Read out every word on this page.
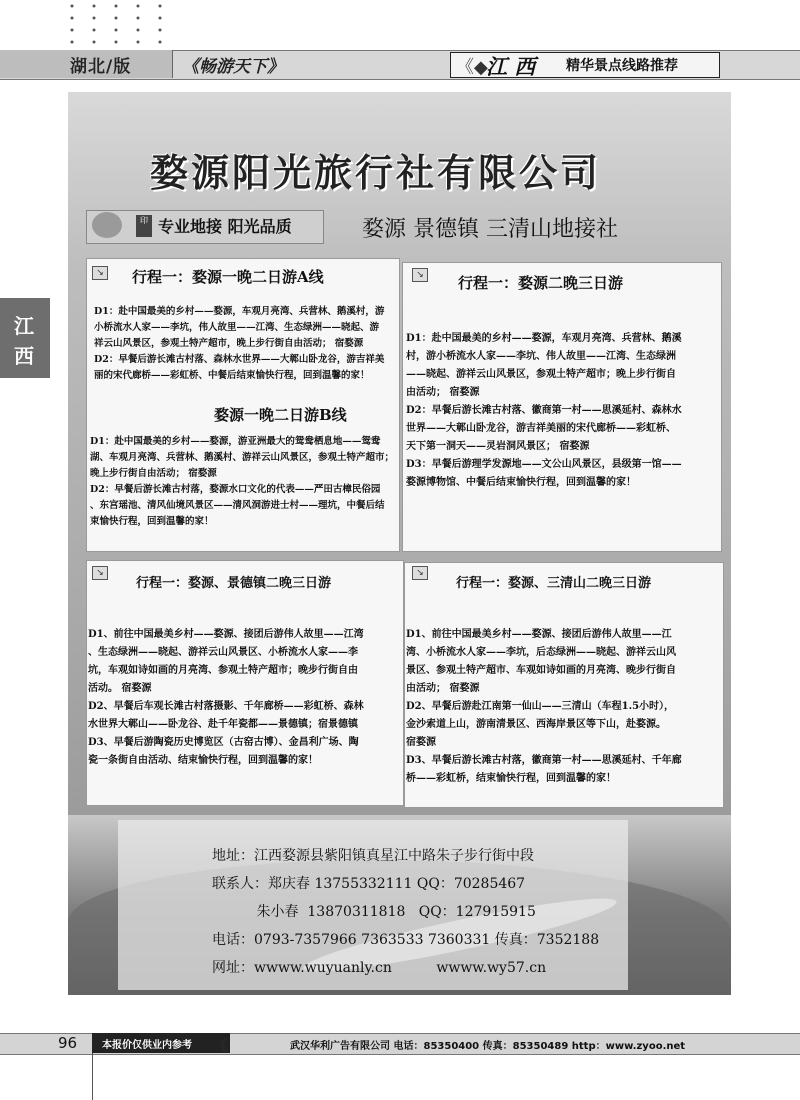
湖北/版	《畅游天下》	《◆
江 西 精华景点线路推荐
江
西
婺源阳光旅行社有限公司
印 专业地接 阳光品质	婺源 景德镇 三清山地接社
↘ 行程一：婺源一晚二日游A线
D1：赴中国最美的乡村——婺源，车观月亮湾、兵营林、鹅溪村，游
小桥流水人家——李坑，伟人故里——江湾、生态绿洲——晓起、游
祥云山风景区，参观土特产超市，晚上步行街自由活动； 宿婺源
D2：早餐后游长滩古村落、森林水世界——大鄣山卧龙谷，游吉祥美
丽的宋代廊桥——彩虹桥、中餐后结束愉快行程，回到温馨的家！
婺源一晚二日游B线
D1：赴中国最美的乡村——婺源，游亚洲最大的鸳鸯栖息地——鸳鸯
湖、车观月亮湾、兵营林、鹅溪村、游祥云山风景区，参观土特产超市；
晚上步行街自由活动； 宿婺源
D2：早餐后游长滩古村落，婺源水口文化的代表——严田古樟民俗园
、东宫瑶池、清风仙境风景区——清风洞游进士村——理坑，中餐后结
束愉快行程，回到温馨的家！
↘ 行程一：婺源二晚三日游
D1：赴中国最美的乡村——婺源，车观月亮湾、兵营林、鹅溪
村，游小桥流水人家——李坑、伟人故里——江湾、生态绿洲
——晓起、游祥云山风景区，参观土特产超市；晚上步行街自
由活动； 宿婺源
D2：早餐后游长滩古村落、徽商第一村——思溪延村、森林水
世界——大鄣山卧龙谷，游吉祥美丽的宋代廊桥——彩虹桥、
天下第一洞天——灵岩洞风景区； 宿婺源
D3：早餐后游理学发源地——文公山风景区，县级第一馆——
婺源博物馆、中餐后结束愉快行程，回到温馨的家！
↘
行程一：婺源、景德镇二晚三日游
D1、前往中国最美乡村——婺源、接团后游伟人故里——江湾
、生态绿洲——晓起、游祥云山风景区、小桥流水人家——李
坑，车观如诗如画的月亮湾、参观土特产超市；晚步行街自由
活动。 宿婺源
D2、早餐后车观长滩古村落摄影、千年廊桥——彩虹桥、森林
水世界大鄣山——卧龙谷、赴千年瓷都——景德镇；宿景德镇
D3、早餐后游陶瓷历史博览区（古窑古博）、金昌利广场、陶
瓷一条街自由活动、结束愉快行程，回到温馨的家！
↘
行程一：婺源、三清山二晚三日游
D1、前往中国最美乡村——婺源、接团后游伟人故里——江
湾、小桥流水人家——李坑，后态绿洲——晓起、游祥云山风
景区、参观土特产超市、车观如诗如画的月亮湾、晚步行街自
由活动； 宿婺源
D2、早餐后游赴江南第一仙山——三清山（车程1.5小时），
金沙索道上山，游南清景区、西海岸景区等下山，赴婺源。
宿婺源
D3、早餐后游长滩古村落，徽商第一村——思溪延村、千年廊
桥——彩虹桥，结束愉快行程，回到温馨的家！
地址：江西婺源县紫阳镇真星江中路朱子步行街中段
联系人：郑庆春 13755332111 QQ：70285467
朱小春  13870311818   QQ：127915915
电话：0793-7357966 7363533 7360331 传真：7352188
网址：wwww.wuyuanly.cn          wwww.wy57.cn
96 本报价仅供业内参考 《	武汉华利广告有限公司 电话：85350400 传真：85350489 http：www.zyoo.net
